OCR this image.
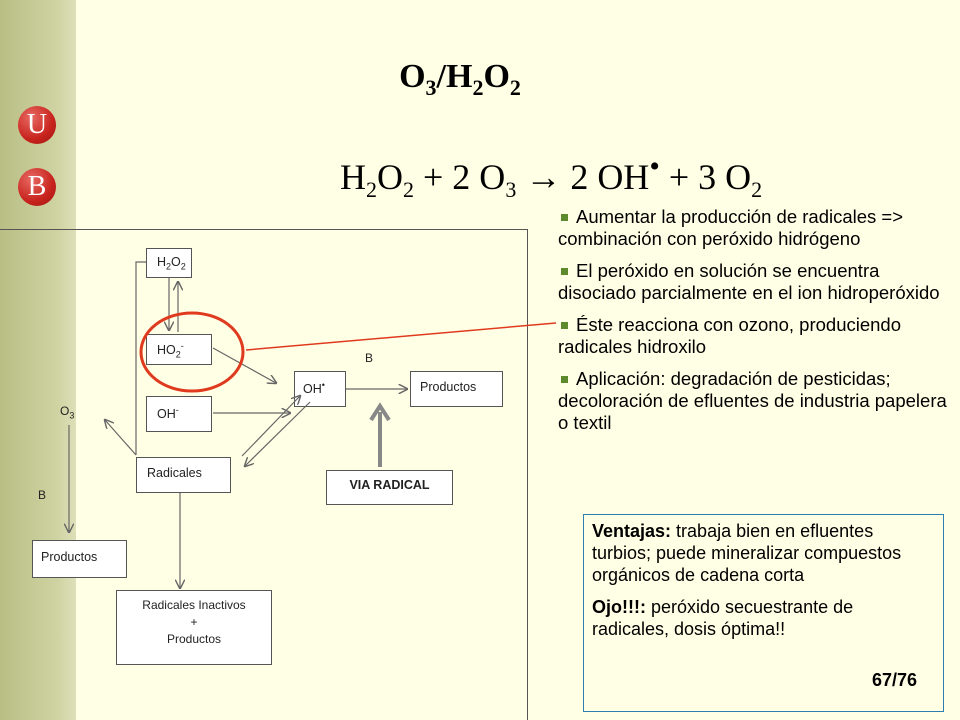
U
B
$O_3/H_2O_2$
$H_2O_2 + 2$ $O_3 \to 2$ OH• + 3 $O_2$
Aumentar la producción de radicales => combinación con peróxido hidrógeno
El peróxido en solución se encuentra disociado parcialmente en el ion hidroperóxido
Éste reacciona con ozono, produciendo radicales hidroxilo
Aplicación: degradación de pesticidas; decoloración de efluentes de industria papelera o textil
$H_2O_2$
$HO_2^-$
OH-
Radicales
OH•	Productos
VIA RADICAL
Productos
Radicales Inactivos
+
Productos
B
$O_3$
B

Ventajas: trabaja bien en efluentes turbios; puede mineralizar compuestos orgánicos de cadena corta

Ojo!!!: peróxido secuestrante de radicales, dosis óptima!!

67/76
